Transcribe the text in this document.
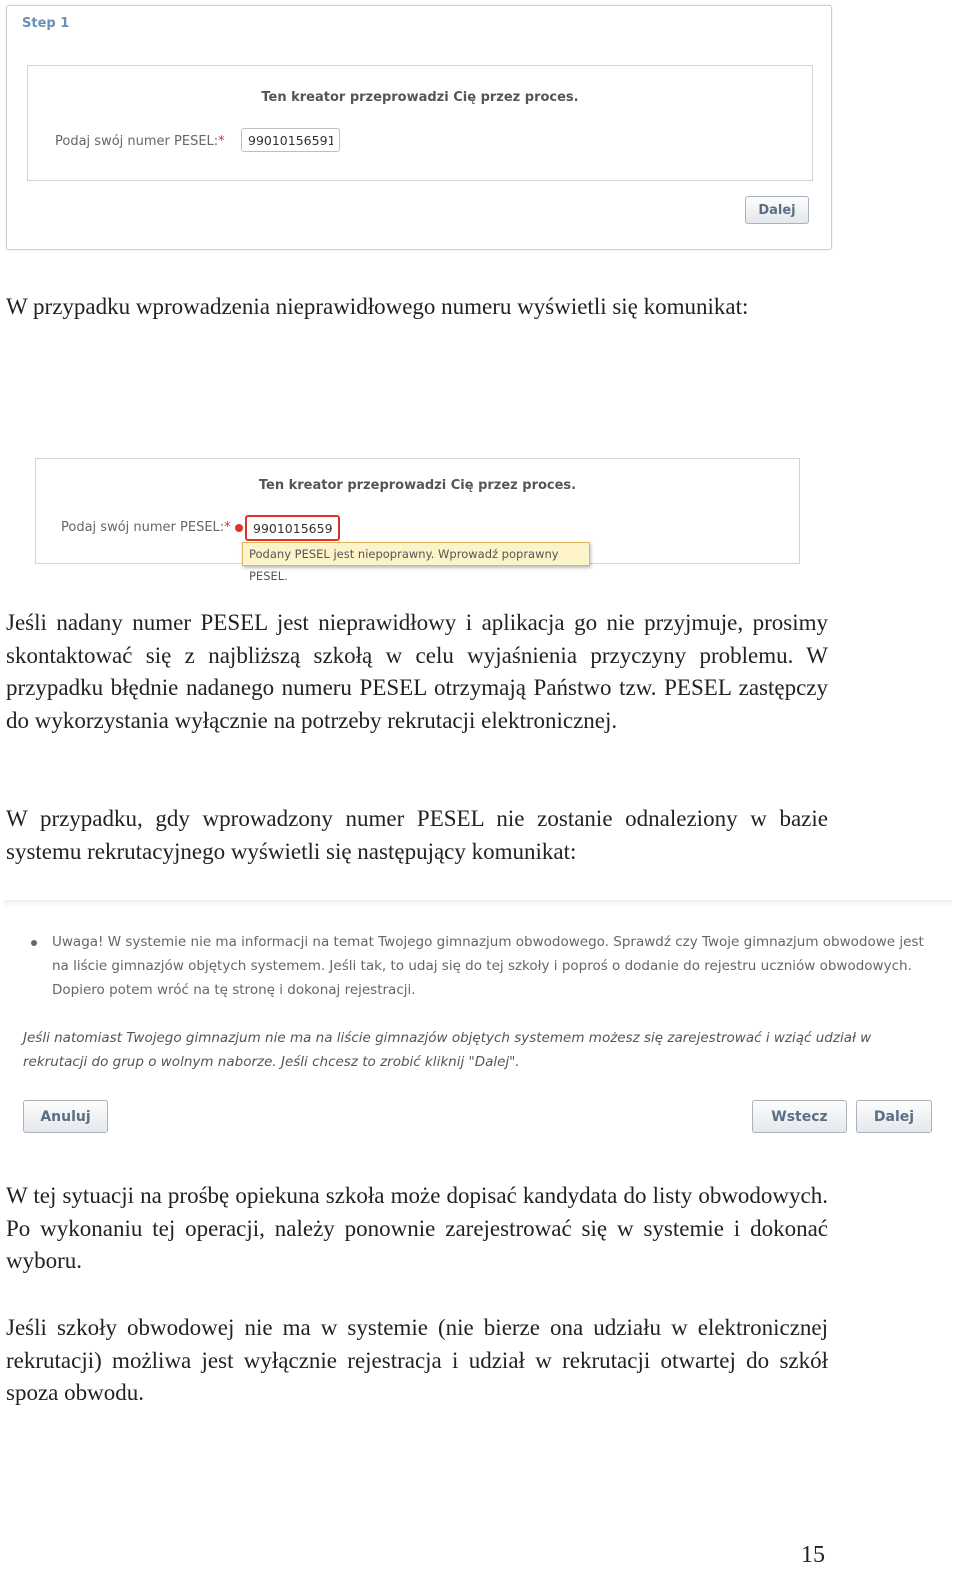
Step 1
Ten kreator przeprowadzi Cię przez proces.
Podaj swój numer PESEL:*
99010156591
Dalej
W przypadku wprowadzenia nieprawidłowego numeru wyświetli się komunikat:
Ten kreator przeprowadzi Cię przez proces.
Podaj swój numer PESEL:*
9901015659
Podany PESEL jest niepoprawny. Wprowadź poprawny PESEL.
Jeśli nadany numer PESEL jest nieprawidłowy i aplikacja go nie przyjmuje, prosimy skontaktować się z najbliższą szkołą w celu wyjaśnienia przyczyny problemu. W przypadku błędnie nadanego numeru PESEL otrzymają Państwo tzw. PESEL zastępczy do wykorzystania wyłącznie na potrzeby rekrutacji elektronicznej.
W przypadku, gdy wprowadzony numer PESEL nie zostanie odnaleziony w bazie systemu rekrutacyjnego wyświetli się następujący komunikat:
Anuluj	Wstecz	Dalej
Uwaga! W systemie nie ma informacji na temat Twojego gimnazjum obwodowego. Sprawdź czy Twoje gimnazjum obwodowe jest na liście gimnazjów objętych systemem. Jeśli tak, to udaj się do tej szkoły i poproś o dodanie do rejestru uczniów obwodowych. Dopiero potem wróć na tę stronę i dokonaj rejestracji.
Jeśli natomiast Twojego gimnazjum nie ma na liście gimnazjów objętych systemem możesz się zarejestrować i wziąć udział w rekrutacji do grup o wolnym naborze. Jeśli chcesz to zrobić kliknij "Dalej".
W tej sytuacji na prośbę opiekuna szkoła może dopisać kandydata do listy obwodowych. Po wykonaniu tej operacji, należy ponownie zarejestrować się w systemie i dokonać wyboru.
Jeśli szkoły obwodowej nie ma w systemie (nie bierze ona udziału w elektronicznej rekrutacji) możliwa jest wyłącznie rejestracja i udział w rekrutacji otwartej do szkół spoza obwodu.
15
